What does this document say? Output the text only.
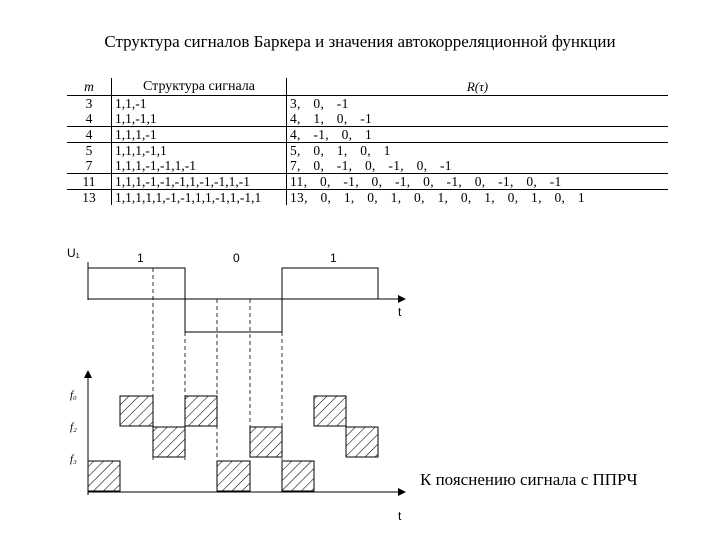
Структура сигналов Баркера и значения автокорреляционной функции
m	Структура сигнала	R(τ)
3	1,1,-1	3, 0, -1
4	1,1,-1,1	4, 1, 0, -1
4	1,1,1,-1	4, -1, 0, 1
5	1,1,1,-1,1	5, 0, 1, 0, 1
7	1,1,1,-1,-1,1,-1	7, 0, -1, 0, -1, 0, -1
11	1,1,1,-1,-1,-1,1,-1,-1,1,-1	11, 0, -1, 0, -1, 0, -1, 0, -1, 0, -1
13	1,1,1,1,1,-1,-1,1,1,-1,1,-1,1	13, 0, 1, 0, 1, 0, 1, 0, 1, 0, 1, 0, 1
U₁	1	0	1
t
f₀
f₂
f₃
t
К пояснению сигнала с ППРЧ
